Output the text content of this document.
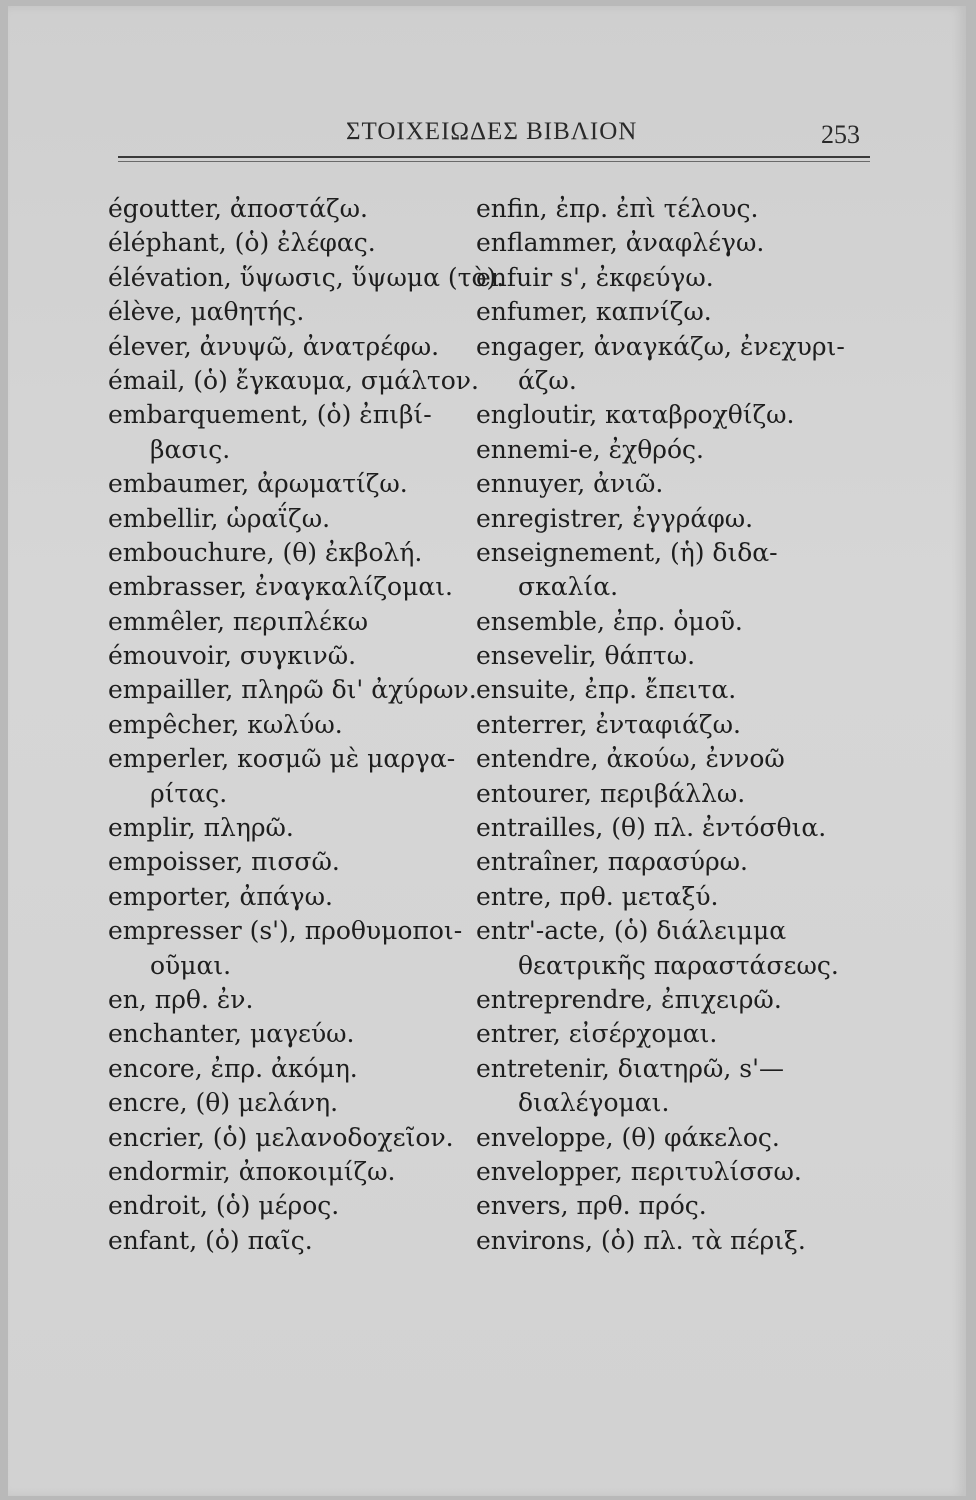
ΣΤΟΙΧΕΙΩΔΕΣ ΒΙΒΛΙΟΝ	253
égoutter, ἀποστάζω.
éléphant, (ὁ) ἐλέφας.
élévation, ὕψωσις, ὕψωμα (τὸ).
élève, μαθητής.
élever, ἀνυψῶ, ἀνατρέφω.
émail, (ὁ) ἔγκαυμα, σμάλτον.
embarquement, (ὁ) ἐπιβί-
βασις.
embaumer, ἀρωματίζω.
embellir, ὡραΐζω.
embouchure, (θ) ἐκβολή.
embrasser, ἐναγκαλίζομαι.
emmêler, περιπλέκω
émouvoir, συγκινῶ.
empailler, πληρῶ δι' ἀχύρων.
empêcher, κωλύω.
emperler, κοσμῶ μὲ μαργα-
ρίτας.
emplir, πληρῶ.
empoisser, πισσῶ.
emporter, ἀπάγω.
empresser (s'), προθυμοποι-
οῦμαι.
en, πρθ. ἐν.
enchanter, μαγεύω.
encore, ἐπρ. ἀκόμη.
encre, (θ) μελάνη.
encrier, (ὁ) μελανοδοχεῖον.
endormir, ἀποκοιμίζω.
endroit, (ὁ) μέρος.
enfant, (ὁ) παῖς.
enfin, ἐπρ. ἐπὶ τέλους.
enflammer, ἀναφλέγω.
enfuir s', ἐκφεύγω.
enfumer, καπνίζω.
engager, ἀναγκάζω, ἐνεχυρι-
άζω.
engloutir, καταβροχθίζω.
ennemi-e, ἐχθρός.
ennuyer, ἀνιῶ.
enregistrer, ἐγγράφω.
enseignement, (ἡ) διδα-
σκαλία.
ensemble, ἐπρ. ὁμοῦ.
ensevelir, θάπτω.
ensuite, ἐπρ. ἔπειτα.
enterrer, ἐνταφιάζω.
entendre, ἀκούω, ἐννοῶ
entourer, περιβάλλω.
entrailles, (θ) πλ. ἐντόσθια.
entraîner, παρασύρω.
entre, πρθ. μεταξύ.
entr'-acte, (ὁ) διάλειμμα
θεατρικῆς παραστάσεως.
entreprendre, ἐπιχειρῶ.
entrer, εἰσέρχομαι.
entretenir, διατηρῶ, s'—
διαλέγομαι.
enveloppe, (θ) φάκελος.
envelopper, περιτυλίσσω.
envers, πρθ. πρός.
environs, (ὁ) πλ. τὰ πέριξ.
